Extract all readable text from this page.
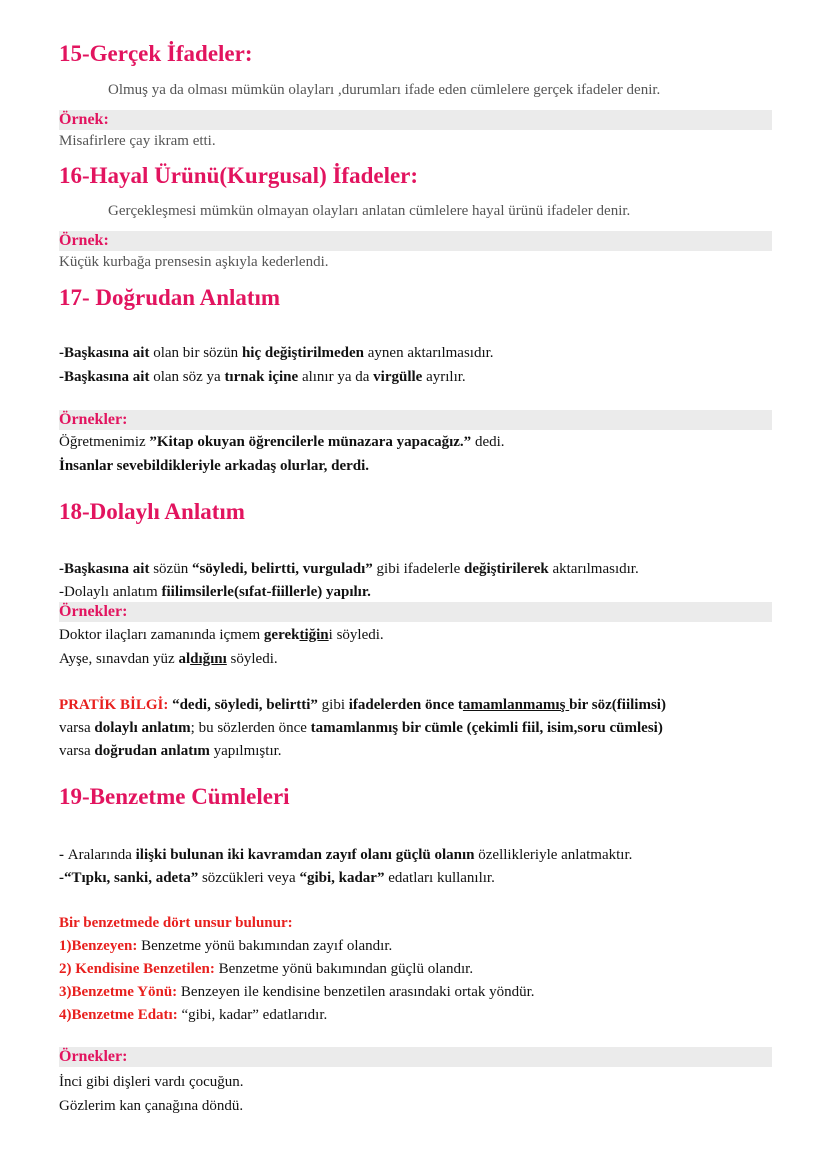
15-Gerçek İfadeler:

Olmuş ya da olması mümkün olayları ,durumları ifade eden cümlelere gerçek ifadeler denir.

Örnek:

Misafirlere çay ikram etti.

16-Hayal Ürünü(Kurgusal) İfadeler:

Gerçekleşmesi mümkün olmayan olayları anlatan cümlelere hayal ürünü ifadeler denir.

Örnek:

Küçük kurbağa prensesin aşkıyla kederlendi.

17- Doğrudan Anlatım

-Başkasına ait olan bir sözün hiç değiştirilmeden aynen aktarılmasıdır.

-Başkasına ait olan söz ya tırnak içine alınır ya da virgülle ayrılır.

Örnekler:

Öğretmenimiz ”Kitap okuyan öğrencilerle münazara yapacağız.” dedi.

İnsanlar sevebildikleriyle arkadaş olurlar, derdi.

18-Dolaylı Anlatım

-Başkasına ait sözün “söyledi, belirtti, vurguladı” gibi ifadelerle değiştirilerek aktarılmasıdır.

-Dolaylı anlatım fiilimsilerle(sıfat-fiillerle) yapılır.

Örnekler:

Doktor ilaçları zamanında içmem gerektiğini söyledi.

Ayşe, sınavdan yüz aldığını söyledi.

PRATİK BİLGİ: “dedi, söyledi, belirtti” gibi ifadelerden önce tamamlanmamış bir söz(fiilimsi)

varsa dolaylı anlatım; bu sözlerden önce tamamlanmış bir cümle (çekimli fiil, isim,soru cümlesi)

varsa doğrudan anlatım yapılmıştır.

19-Benzetme Cümleleri

- Aralarında ilişki bulunan iki kavramdan zayıf olanı güçlü olanın özellikleriyle anlatmaktır.

-“Tıpkı, sanki, adeta” sözcükleri veya “gibi, kadar” edatları kullanılır.

Bir benzetmede dört unsur bulunur:

1)Benzeyen: Benzetme yönü bakımından zayıf olandır.

2) Kendisine Benzetilen: Benzetme yönü bakımından güçlü olandır.

3)Benzetme Yönü: Benzeyen ile kendisine benzetilen arasındaki ortak yöndür.

4)Benzetme Edatı: “gibi, kadar” edatlarıdır.

Örnekler:

İnci gibi dişleri vardı çocuğun.

Gözlerim kan çanağına döndü.
